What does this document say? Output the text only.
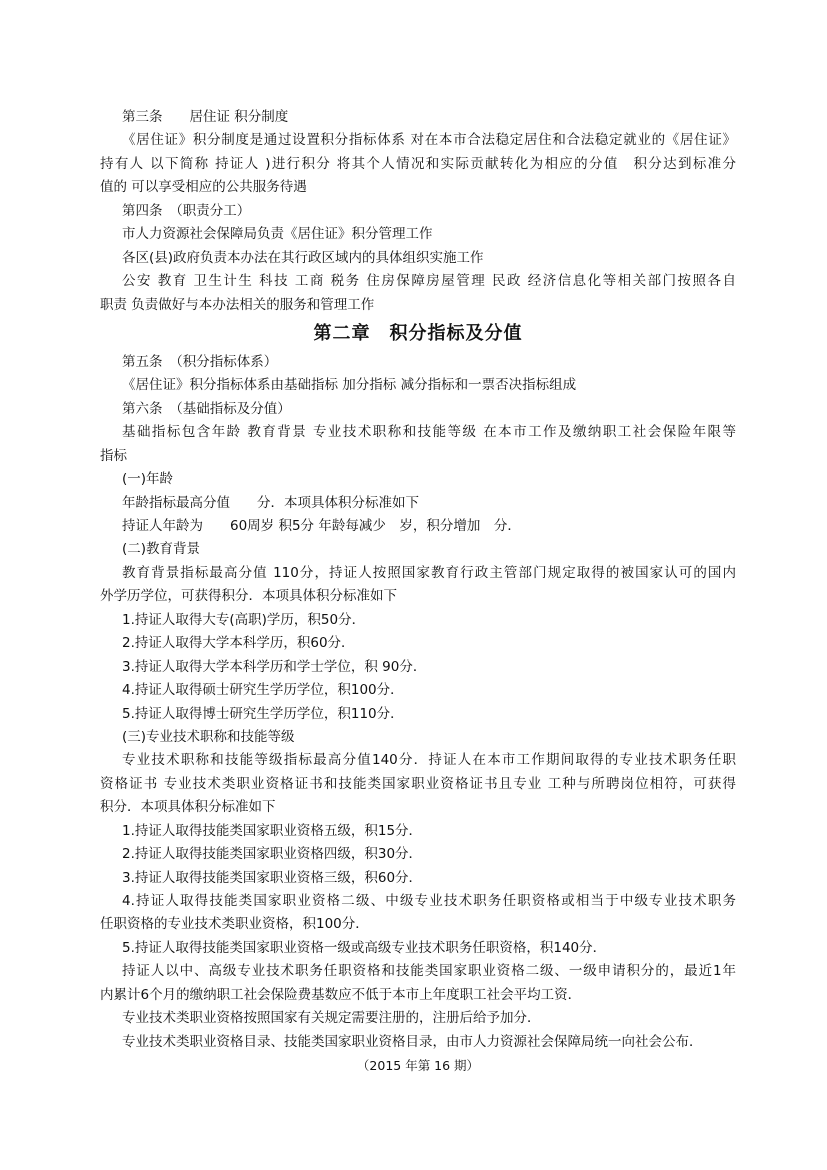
第三条　　居住证 积分制度
《居住证》积分制度是通过设置积分指标体系 对在本市合法稳定居住和合法稳定就业的《居住证》
持有人 以下简称 持证人 )进行积分 将其个人情况和实际贡献转化为相应的分值　积分达到标准分
值的 可以享受相应的公共服务待遇
第四条　（职责分工）
市人力资源社会保障局负责《居住证》积分管理工作
各区(县)政府负责本办法在其行政区域内的具体组织实施工作
公安 教育 卫生计生 科技 工商 税务 住房保障房屋管理 民政 经济信息化等相关部门按照各自
职责 负责做好与本办法相关的服务和管理工作
第二章　积分指标及分值
第五条　（积分指标体系）
《居住证》积分指标体系由基础指标 加分指标 减分指标和一票否决指标组成
第六条　（基础指标及分值）
基础指标包含年龄 教育背景 专业技术职称和技能等级 在本市工作及缴纳职工社会保险年限等
指标
(一)年龄
年龄指标最高分值　　分．本项具体积分标准如下
持证人年龄为　　60周岁 积5分 年龄每减少　岁，积分增加　分．
(二)教育背景
教育背景指标最高分值 110分，持证人按照国家教育行政主管部门规定取得的被国家认可的国内
外学历学位，可获得积分．本项具体积分标准如下
1.持证人取得大专(高职)学历，积50分．
2.持证人取得大学本科学历，积60分．
3.持证人取得大学本科学历和学士学位，积 90分．
4.持证人取得硕士研究生学历学位，积100分．
5.持证人取得博士研究生学历学位，积110分．
(三)专业技术职称和技能等级
专业技术职称和技能等级指标最高分值140分．持证人在本市工作期间取得的专业技术职务任职
资格证书 专业技术类职业资格证书和技能类国家职业资格证书且专业 工种与所聘岗位相符，可获得
积分．本项具体积分标准如下
1.持证人取得技能类国家职业资格五级，积15分．
2.持证人取得技能类国家职业资格四级，积30分．
3.持证人取得技能类国家职业资格三级，积60分．
4.持证人取得技能类国家职业资格二级、中级专业技术职务任职资格或相当于中级专业技术职务
任职资格的专业技术类职业资格，积100分．
5.持证人取得技能类国家职业资格一级或高级专业技术职务任职资格，积140分．
持证人以中、高级专业技术职务任职资格和技能类国家职业资格二级、一级申请积分的，最近1年
内累计6个月的缴纳职工社会保险费基数应不低于本市上年度职工社会平均工资．
专业技术类职业资格按照国家有关规定需要注册的，注册后给予加分．
专业技术类职业资格目录、技能类国家职业资格目录，由市人力资源社会保障局统一向社会公布．
（2015 年第 16 期）
